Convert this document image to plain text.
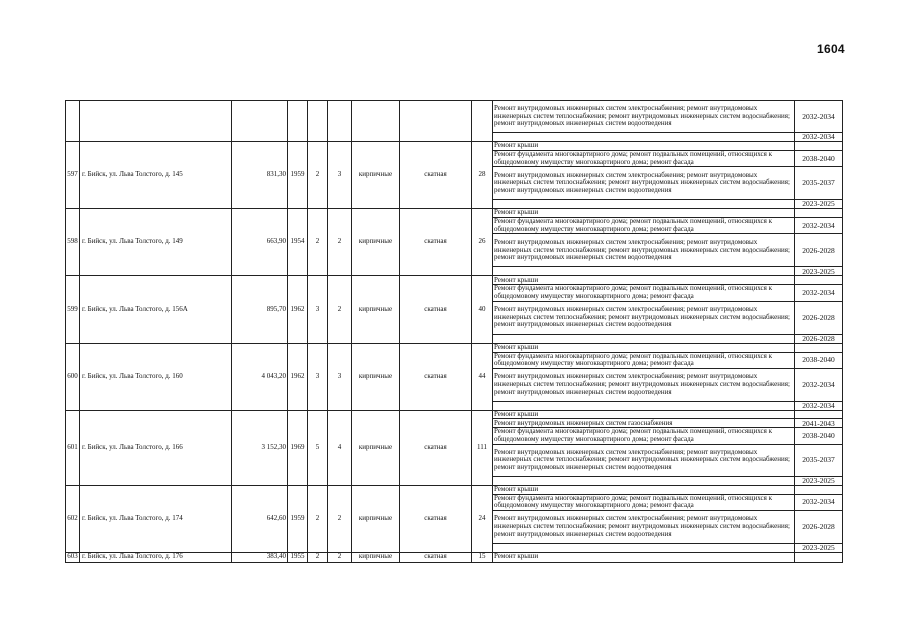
1604
									Ремонт внутридомовых инженерных систем электроснабжения; ремонт внутридомовых инженерных систем теплоснабжения; ремонт внутридомовых инженерных систем водоснабжения; ремонт внутридомовых инженерных систем водоотведения	2032-2034
										2032-2034
597	г. Бийск, ул. Льва Толстого, д. 145	831,30	1959	2	3	кирпичные	скатная	28	Ремонт крыши	
									Ремонт фундамента многоквартирного дома; ремонт подвальных помещений, относящихся к общедомовому имуществу многоквартирного дома; ремонт фасада	2038-2040
									Ремонт внутридомовых инженерных систем электроснабжения; ремонт внутридомовых инженерных систем теплоснабжения; ремонт внутридомовых инженерных систем водоснабжения; ремонт внутридомовых инженерных систем водоотведения	2035-2037
										2023-2025
598	г. Бийск, ул. Льва Толстого, д. 149	663,90	1954	2	2	кирпичные	скатная	26	Ремонт крыши	
									Ремонт фундамента многоквартирного дома; ремонт подвальных помещений, относящихся к общедомовому имуществу многоквартирного дома; ремонт фасада	2032-2034
									Ремонт внутридомовых инженерных систем электроснабжения; ремонт внутридомовых инженерных систем теплоснабжения; ремонт внутридомовых инженерных систем водоснабжения; ремонт внутридомовых инженерных систем водоотведения	2026-2028
										2023-2025
599	г. Бийск, ул. Льва Толстого, д. 156А	895,70	1962	3	2	кирпичные	скатная	40	Ремонт крыши	
									Ремонт фундамента многоквартирного дома; ремонт подвальных помещений, относящихся к общедомовому имуществу многоквартирного дома; ремонт фасада	2032-2034
									Ремонт внутридомовых инженерных систем электроснабжения; ремонт внутридомовых инженерных систем теплоснабжения; ремонт внутридомовых инженерных систем водоснабжения; ремонт внутридомовых инженерных систем водоотведения	2026-2028
										2026-2028
600	г. Бийск, ул. Льва Толстого, д. 160	4 043,20	1962	3	3	кирпичные	скатная	44	Ремонт крыши	
									Ремонт фундамента многоквартирного дома; ремонт подвальных помещений, относящихся к общедомовому имуществу многоквартирного дома; ремонт фасада	2038-2040
									Ремонт внутридомовых инженерных систем электроснабжения; ремонт внутридомовых инженерных систем теплоснабжения; ремонт внутридомовых инженерных систем водоснабжения; ремонт внутридомовых инженерных систем водоотведения	2032-2034
										2032-2034
601	г. Бийск, ул. Льва Толстого, д. 166	3 152,30	1969	5	4	кирпичные	скатная	111	Ремонт крыши	
									Ремонт внутридомовых инженерных систем газоснабжения	2041-2043
									Ремонт фундамента многоквартирного дома; ремонт подвальных помещений, относящихся к общедомовому имуществу многоквартирного дома; ремонт фасада	2038-2040
									Ремонт внутридомовых инженерных систем электроснабжения; ремонт внутридомовых инженерных систем теплоснабжения; ремонт внутридомовых инженерных систем водоснабжения; ремонт внутридомовых инженерных систем водоотведения	2035-2037
										2023-2025
602	г. Бийск, ул. Льва Толстого, д. 174	642,60	1959	2	2	кирпичные	скатная	24	Ремонт крыши	
									Ремонт фундамента многоквартирного дома; ремонт подвальных помещений, относящихся к общедомовому имуществу многоквартирного дома; ремонт фасада	2032-2034
									Ремонт внутридомовых инженерных систем электроснабжения; ремонт внутридомовых инженерных систем теплоснабжения; ремонт внутридомовых инженерных систем водоснабжения; ремонт внутридомовых инженерных систем водоотведения	2026-2028
										2023-2025
603	г. Бийск, ул. Льва Толстого, д. 176	383,40	1955	2	2	кирпичные	скатная	15	Ремонт крыши	
